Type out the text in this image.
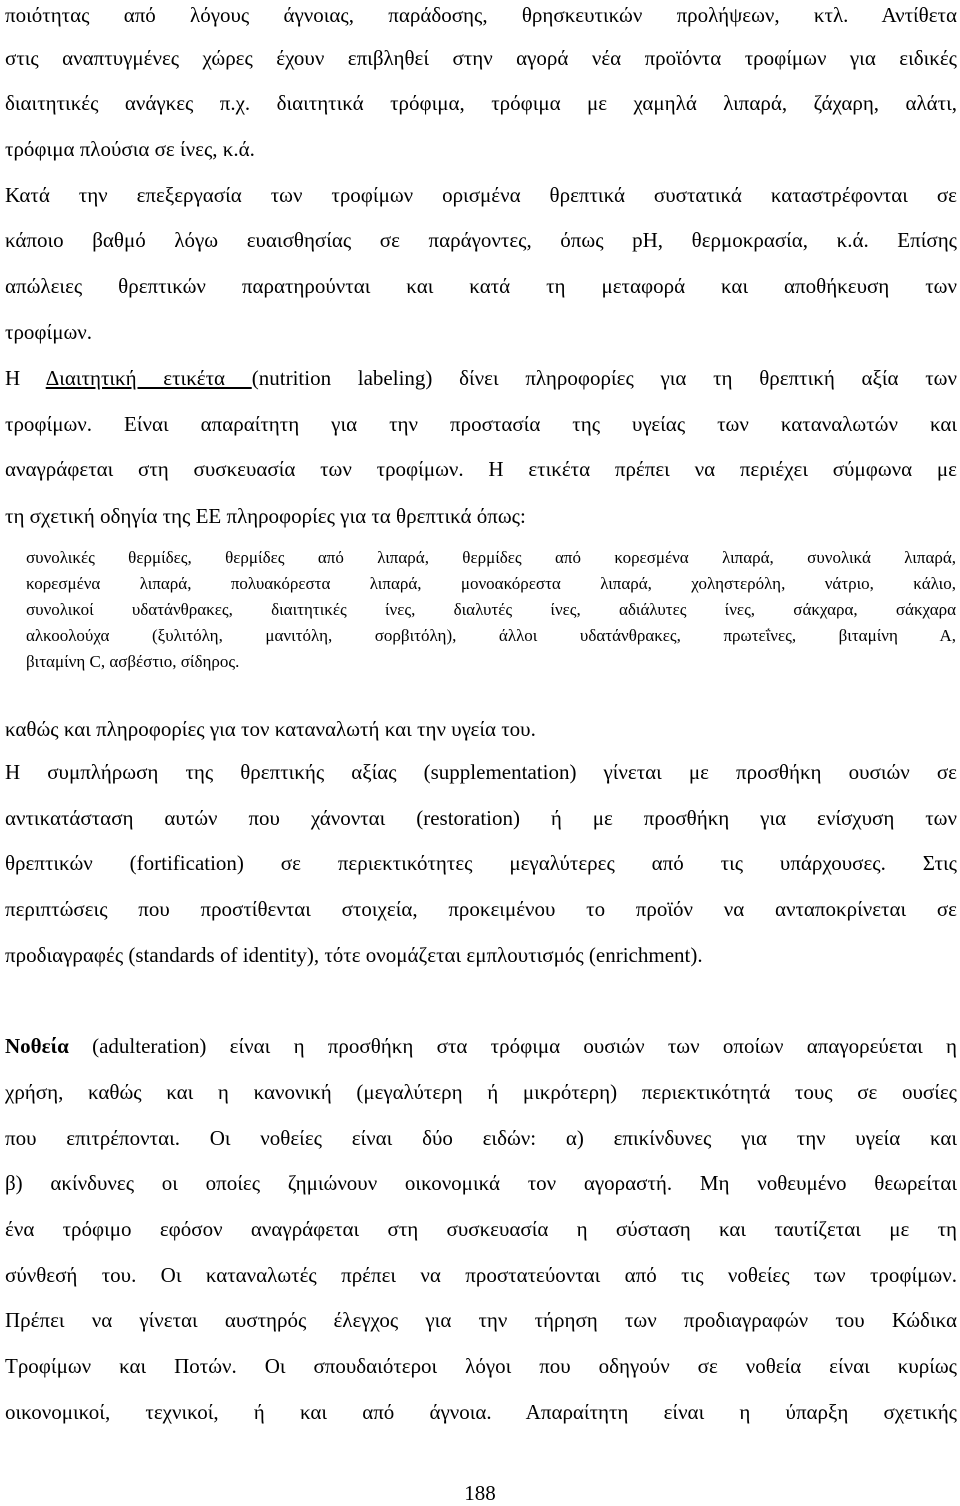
ποιότητας από λόγους άγνοιας, παράδοσης, θρησκευτικών προλήψεων, κτλ. Αντίθετα
στις αναπτυγμένες χώρες έχουν επιβληθεί στην αγορά νέα προϊόντα τροφίμων για ειδικές
διαιτητικές ανάγκες π.χ. διαιτητικά τρόφιμα, τρόφιμα με χαμηλά λιπαρά, ζάχαρη, αλάτι,
τρόφιμα πλούσια σε ίνες, κ.ά.
Κατά την επεξεργασία των τροφίμων ορισμένα θρεπτικά συστατικά καταστρέφονται σε
κάποιο βαθμό λόγω ευαισθησίας σε παράγοντες, όπως pH, θερμοκρασία, κ.ά. Επίσης
απώλειες θρεπτικών παρατηρούνται και κατά τη μεταφορά και αποθήκευση των
τροφίμων.
Η Διαιτητική ετικέτα (nutrition labeling) δίνει πληροφορίες για τη θρεπτική αξία των
τροφίμων. Είναι απαραίτητη για την προστασία της υγείας των καταναλωτών και
αναγράφεται στη συσκευασία των τροφίμων. Η ετικέτα πρέπει να περιέχει σύμφωνα με
τη σχετική οδηγία της ΕΕ πληροφορίες για τα θρεπτικά όπως:
συνολικές θερμίδες, θερμίδες από λιπαρά, θερμίδες από κορεσμένα λιπαρά, συνολικά λιπαρά,
κορεσμένα λιπαρά, πολυακόρεστα λιπαρά, μονοακόρεστα λιπαρά, χοληστερόλη, νάτριο, κάλιο,
συνολικοί υδατάνθρακες, διαιτητικές ίνες, διαλυτές ίνες, αδιάλυτες ίνες, σάκχαρα, σάκχαρα
αλκοολούχα (ξυλιτόλη, μανιτόλη, σορβιτόλη), άλλοι υδατάνθρακες, πρωτεΐνες, βιταμίνη Α,
βιταμίνη C, ασβέστιο, σίδηρος.
καθώς και πληροφορίες για τον καταναλωτή και την υγεία του.
Η συμπλήρωση της θρεπτικής αξίας (supplementation) γίνεται με προσθήκη ουσιών σε
αντικατάσταση αυτών που χάνονται (restoration) ή με προσθήκη για ενίσχυση των
θρεπτικών (fortification) σε περιεκτικότητες μεγαλύτερες από τις υπάρχουσες. Στις
περιπτώσεις που προστίθενται στοιχεία, προκειμένου το προϊόν να ανταποκρίνεται σε
προδιαγραφές (standards of identity), τότε ονομάζεται εμπλουτισμός (enrichment).
Νοθεία (adulteration) είναι η προσθήκη στα τρόφιμα ουσιών των οποίων απαγορεύεται η
χρήση, καθώς και η κανονική (μεγαλύτερη ή μικρότερη) περιεκτικότητά τους σε ουσίες
που επιτρέπονται. Οι νοθείες είναι δύο ειδών: α) επικίνδυνες για την υγεία και
β) ακίνδυνες οι οποίες ζημιώνουν οικονομικά τον αγοραστή. Μη νοθευμένο θεωρείται
ένα τρόφιμο εφόσον αναγράφεται στη συσκευασία η σύσταση και ταυτίζεται με τη
σύνθεσή του. Οι καταναλωτές πρέπει να προστατεύονται από τις νοθείες των τροφίμων.
Πρέπει να γίνεται αυστηρός έλεγχος για την τήρηση των προδιαγραφών του Κώδικα
Τροφίμων και Ποτών. Οι σπουδαιότεροι λόγοι που οδηγούν σε νοθεία είναι κυρίως
οικονομικοί, τεχνικοί, ή και από άγνοια. Απαραίτητη είναι η ύπαρξη σχετικής
188
